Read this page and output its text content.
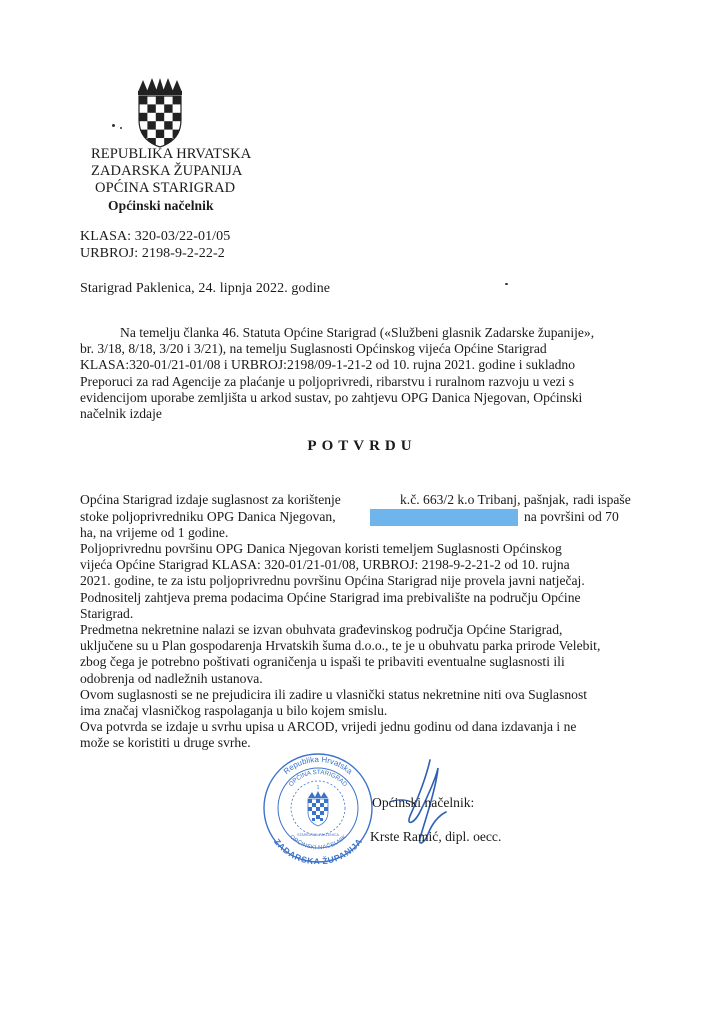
REPUBLIKA HRVATSKA
ZADARSKA ŽUPANIJA
OPĆINA STARIGRAD
Općinski načelnik
KLASA: 320-03/22-01/05
URBROJ: 2198-9-2-22-2
Starigrad Paklenica, 24. lipnja 2022. godine
Na temelju članka 46. Statuta Općine Starigrad («Službeni glasnik Zadarske županije»,
br. 3/18, 8/18, 3/20 i 3/21), na temelju Suglasnosti Općinskog vijeća Općine Starigrad
KLASA:320-01/21-01/08 i URBROJ:2198/09-1-21-2 od 10. rujna 2021. godine i sukladno
Preporuci za rad Agencije za plaćanje u poljoprivredi, ribarstvu i ruralnom razvoju u vezi s
evidencijom uporabe zemljišta u arkod sustav, po zahtjevu OPG Danica Njegovan, Općinski
načelnik izdaje
POTVRDU
Općina Starigrad izdaje suglasnost za korištenje	k.č. 663/2 k.o Tribanj, pašnjak, radi ispaše
stoke poljoprivredniku OPG Danica Njegovan,	na površini od 70
ha, na vrijeme od 1 godine.
Poljoprivrednu površinu OPG Danica Njegovan koristi temeljem Suglasnosti Općinskog
vijeća Općine Starigrad KLASA: 320-01/21-01/08, URBROJ: 2198-9-2-21-2 od 10. rujna
2021. godine, te za istu poljoprivrednu površinu Općina Starigrad nije provela javni natječaj.
Podnositelj zahtjeva prema podacima Općine Starigrad ima prebivalište na području Općine
Starigrad.
Predmetna nekretnine nalazi se izvan obuhvata građevinskog područja Općine Starigrad,
uključene su u Plan gospodarenja Hrvatskih šuma d.o.o., te je u obuhvatu parka prirode Velebit,
zbog čega je potrebno poštivati ograničenja u ispaši te pribaviti eventualne suglasnosti ili
odobrenja od nadležnih ustanova.
Ovom suglasnosti se ne prejudicira ili zadire u vlasnički status nekretnine niti ova Suglasnost
ima značaj vlasničkog raspolaganja u bilo kojem smislu.
Ova potvrda se izdaje u svrhu upisa u ARCOD, vrijedi jednu godinu od dana izdavanja i ne
može se koristiti u druge svrhe.
Republika Hrvatska
ZADARSKA ŽUPANIJA
OPĆINA STARIGRAD
OPĆINSKI NAČELNIK
1
STARIGRAD-PAKLENICA
Općinski načelnik:
Krste Ramić, dipl. oecc.
